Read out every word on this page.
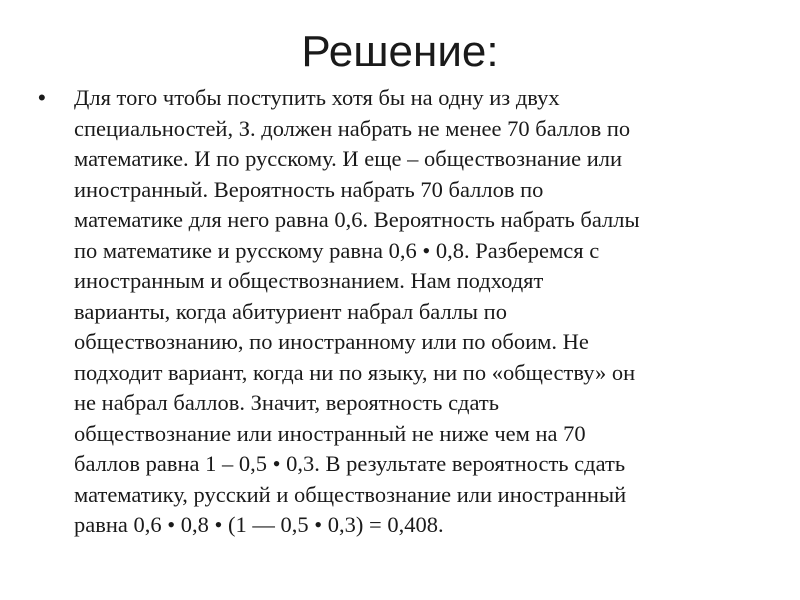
Решение:
•	Для того чтобы поступить хотя бы на одну из двух
специальностей, З. должен набрать не менее 70 баллов по
математике. И по русскому. И еще – обществознание или
иностранный. Вероятность набрать 70 баллов по
математике для него равна 0,6. Вероятность набрать баллы
по математике и русскому равна 0,6 • 0,8. Разберемся с
иностранным и обществознанием. Нам подходят
варианты, когда абитуриент набрал баллы по
обществознанию, по иностранному или по обоим. Не
подходит вариант, когда ни по языку, ни по «обществу» он
не набрал баллов. Значит, вероятность сдать
обществознание или иностранный не ниже чем на 70
баллов равна 1 – 0,5 • 0,3. В результате вероятность сдать
математику, русский и обществознание или иностранный
равна 0,6 • 0,8 • (1 — 0,5 • 0,3) = 0,408.
